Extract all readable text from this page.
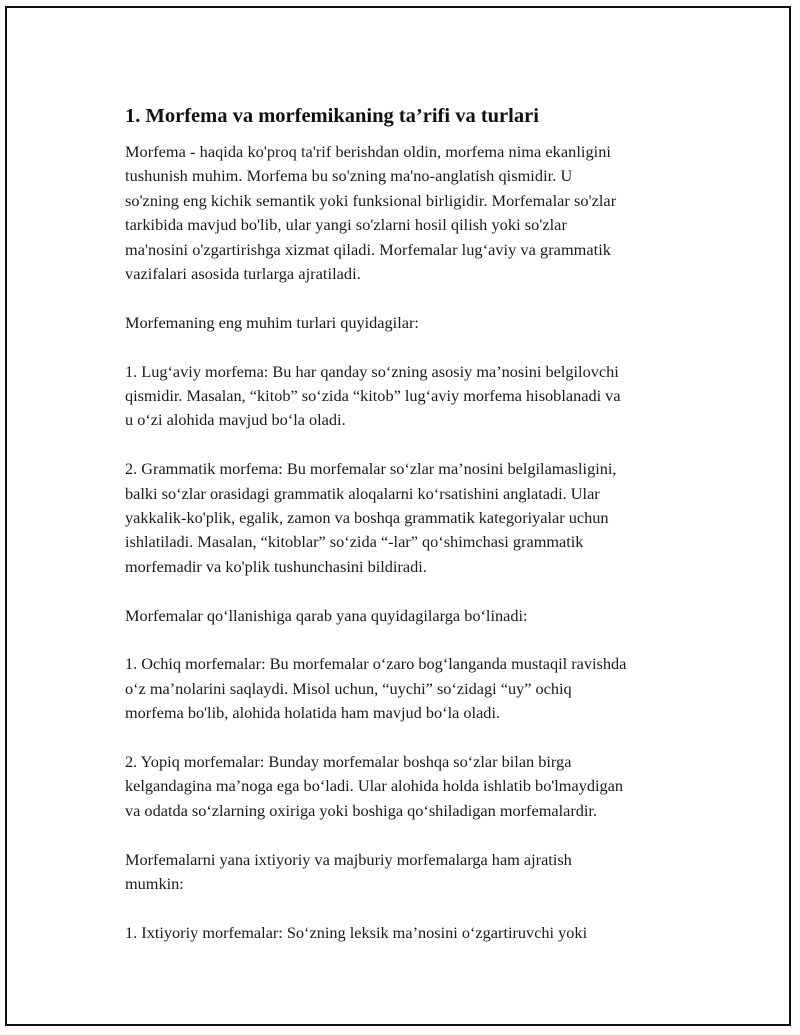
1. Morfema va morfemikaning ta’rifi va turlari

Morfema - haqida ko'proq ta'rif berishdan oldin, morfema nima ekanligini
tushunish muhim. Morfema bu so'zning ma'no-anglatish qismidir. U
so'zning eng kichik semantik yoki funksional birligidir. Morfemalar so'zlar
tarkibida mavjud bo'lib, ular yangi so'zlarni hosil qilish yoki so'zlar
ma'nosini o'zgartirishga xizmat qiladi. Morfemalar lug‘aviy va grammatik
vazifalari asosida turlarga ajratiladi.

Morfemaning eng muhim turlari quyidagilar:

1. Lug‘aviy morfema: Bu har qanday so‘zning asosiy ma’nosini belgilovchi
qismidir. Masalan, “kitob” so‘zida “kitob” lug‘aviy morfema hisoblanadi va
u o‘zi alohida mavjud bo‘la oladi.

2. Grammatik morfema: Bu morfemalar so‘zlar ma’nosini belgilamasligini,
balki so‘zlar orasidagi grammatik aloqalarni ko‘rsatishini anglatadi. Ular
yakkalik-ko'plik, egalik, zamon va boshqa grammatik kategoriyalar uchun
ishlatiladi. Masalan, “kitoblar” so‘zida “-lar” qo‘shimchasi grammatik
morfemadir va ko'plik tushunchasini bildiradi.

Morfemalar qo‘llanishiga qarab yana quyidagilarga bo‘linadi:

1. Ochiq morfemalar: Bu morfemalar o‘zaro bog‘langanda mustaqil ravishda
o‘z ma’nolarini saqlaydi. Misol uchun, “uychi” so‘zidagi “uy” ochiq
morfema bo'lib, alohida holatida ham mavjud bo‘la oladi.

2. Yopiq morfemalar: Bunday morfemalar boshqa so‘zlar bilan birga
kelgandagina ma’noga ega bo‘ladi. Ular alohida holda ishlatib bo'lmaydigan
va odatda so‘zlarning oxiriga yoki boshiga qo‘shiladigan morfemalardir.

Morfemalarni yana ixtiyoriy va majburiy morfemalarga ham ajratish
mumkin:

1. Ixtiyoriy morfemalar: So‘zning leksik ma’nosini o‘zgartiruvchi yoki
